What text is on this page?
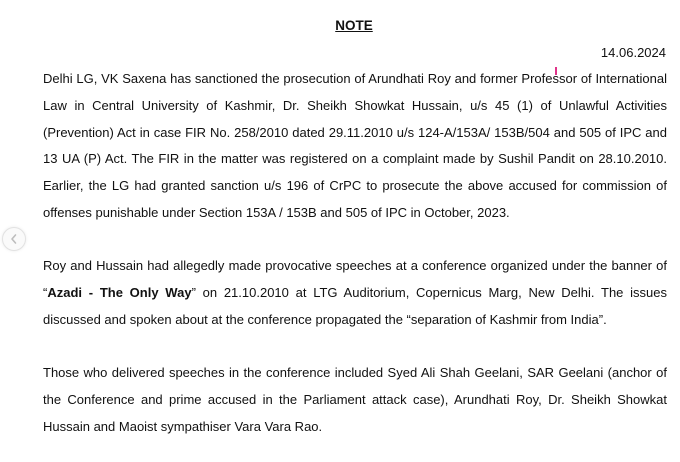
NOTE
14.06.2024

Delhi LG, VK Saxena has sanctioned the prosecution of Arundhati Roy and former Professor of International Law in Central University of Kashmir, Dr. Sheikh Showkat Hussain, u/s 45 (1) of Unlawful Activities (Prevention) Act in case FIR No. 258/2010 dated 29.11.2010 u/s 124-A/153A/ 153B/504 and 505 of IPC and 13 UA (P) Act. The FIR in the matter was registered on a complaint made by Sushil Pandit on 28.10.2010. Earlier, the LG had granted sanction u/s 196 of CrPC to prosecute the above accused for commission of offenses punishable under Section 153A / 153B and 505 of IPC in October, 2023.

Roy and Hussain had allegedly made provocative speeches at a conference organized under the banner of “Azadi - The Only Way” on 21.10.2010 at LTG Auditorium, Copernicus Marg, New Delhi. The issues discussed and spoken about at the conference propagated the “separation of Kashmir from India”.

Those who delivered speeches in the conference included Syed Ali Shah Geelani, SAR Geelani (anchor of the Conference and prime accused in the Parliament attack case), Arundhati Roy, Dr. Sheikh Showkat Hussain and Maoist sympathiser Vara Vara Rao.
